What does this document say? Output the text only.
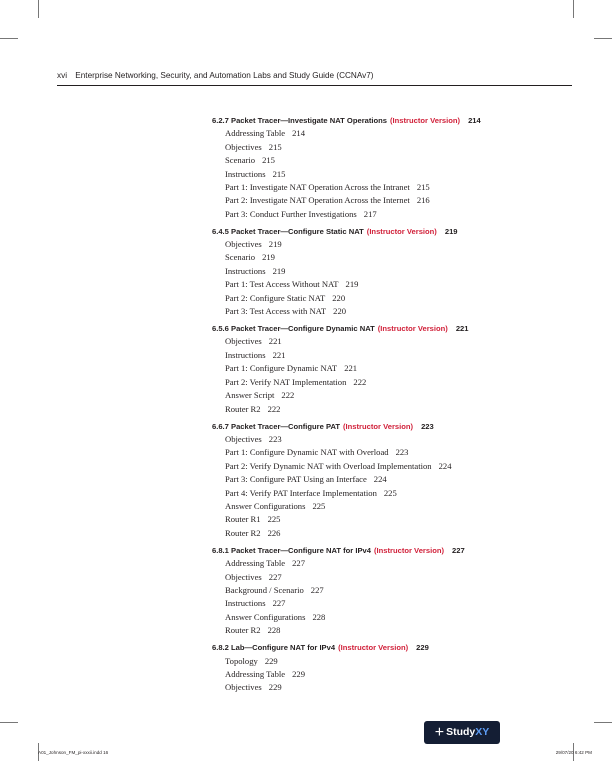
xvi Enterprise Networking, Security, and Automation Labs and Study Guide (CCNAv7)
6.2.7 Packet Tracer—Investigate NAT Operations (Instructor Version) 214
Addressing Table 214
Objectives 215
Scenario 215
Instructions 215
Part 1: Investigate NAT Operation Across the Intranet 215
Part 2: Investigate NAT Operation Across the Internet 216
Part 3: Conduct Further Investigations 217
6.4.5 Packet Tracer—Configure Static NAT (Instructor Version) 219
Objectives 219
Scenario 219
Instructions 219
Part 1: Test Access Without NAT 219
Part 2: Configure Static NAT 220
Part 3: Test Access with NAT 220
6.5.6 Packet Tracer—Configure Dynamic NAT (Instructor Version) 221
Objectives 221
Instructions 221
Part 1: Configure Dynamic NAT 221
Part 2: Verify NAT Implementation 222
Answer Script 222
Router R2 222
6.6.7 Packet Tracer—Configure PAT (Instructor Version) 223
Objectives 223
Part 1: Configure Dynamic NAT with Overload 223
Part 2: Verify Dynamic NAT with Overload Implementation 224
Part 3: Configure PAT Using an Interface 224
Part 4: Verify PAT Interface Implementation 225
Answer Configurations 225
Router R1 225
Router R2 226
6.8.1 Packet Tracer—Configure NAT for IPv4 (Instructor Version) 227
Addressing Table 227
Objectives 227
Background / Scenario 227
Instructions 227
Answer Configurations 228
Router R2 228
6.8.2 Lab—Configure NAT for IPv4 (Instructor Version) 229
Topology 229
Addressing Table 229
Objectives 229
+ StudyXY
A01_Johnson_FM_pi-xxxii.indd 16	29/07/20 6:42 PM
